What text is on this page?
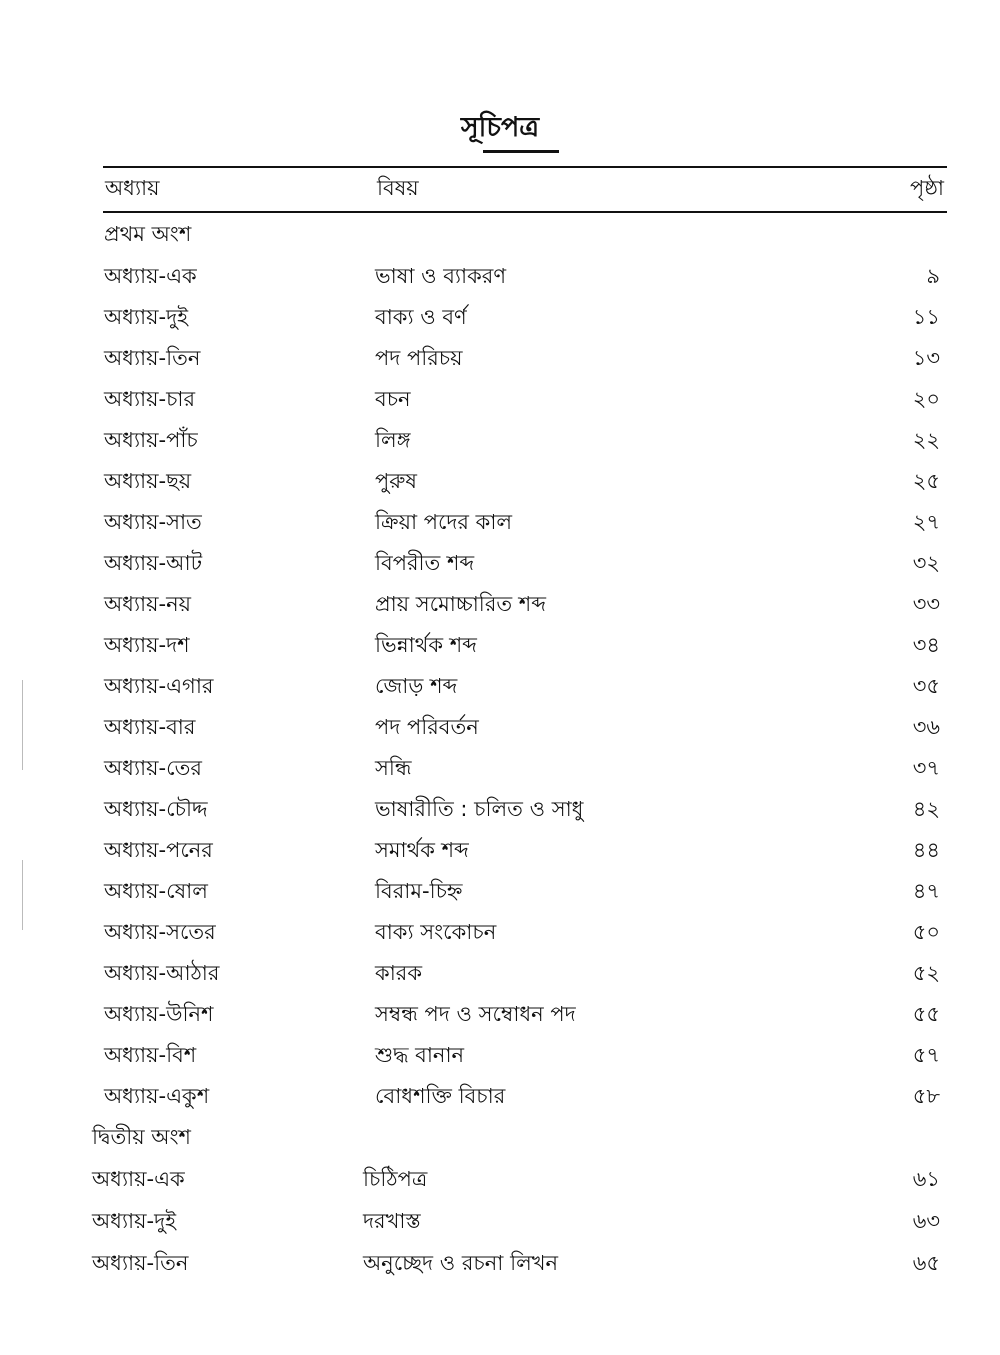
সূচিপত্র
অধ্যায়	বিষয়	পৃষ্ঠা
প্রথম অংশ
অধ্যায়-এক	ভাষা ও ব্যাকরণ	৯
অধ্যায়-দুই	বাক্য ও বর্ণ	১১
অধ্যায়-তিন	পদ পরিচয়	১৩
অধ্যায়-চার	বচন	২০
অধ্যায়-পাঁচ	লিঙ্গ	২২
অধ্যায়-ছয়	পুরুষ	২৫
অধ্যায়-সাত	ক্রিয়া পদের কাল	২৭
অধ্যায়-আট	বিপরীত শব্দ	৩২
অধ্যায়-নয়	প্রায় সমোচ্চারিত শব্দ	৩৩
অধ্যায়-দশ	ভিন্নার্থক শব্দ	৩৪
অধ্যায়-এগার	জোড় শব্দ	৩৫
অধ্যায়-বার	পদ পরিবর্তন	৩৬
অধ্যায়-তের	সন্ধি	৩৭
অধ্যায়-চৌদ্দ	ভাষারীতি : চলিত ও সাধু	৪২
অধ্যায়-পনের	সমার্থক শব্দ	৪৪
অধ্যায়-ষোল	বিরাম-চিহ্ন	৪৭
অধ্যায়-সতের	বাক্য সংকোচন	৫০
অধ্যায়-আঠার	কারক	৫২
অধ্যায়-উনিশ	সম্বন্ধ পদ ও সম্বোধন পদ	৫৫
অধ্যায়-বিশ	শুদ্ধ বানান	৫৭
অধ্যায়-একুশ	বোধশক্তি বিচার	৫৮
দ্বিতীয় অংশ
অধ্যায়-এক	চিঠিপত্র	৬১
অধ্যায়-দুই	দরখাস্ত	৬৩
অধ্যায়-তিন	অনুচ্ছেদ ও রচনা লিখন	৬৫
